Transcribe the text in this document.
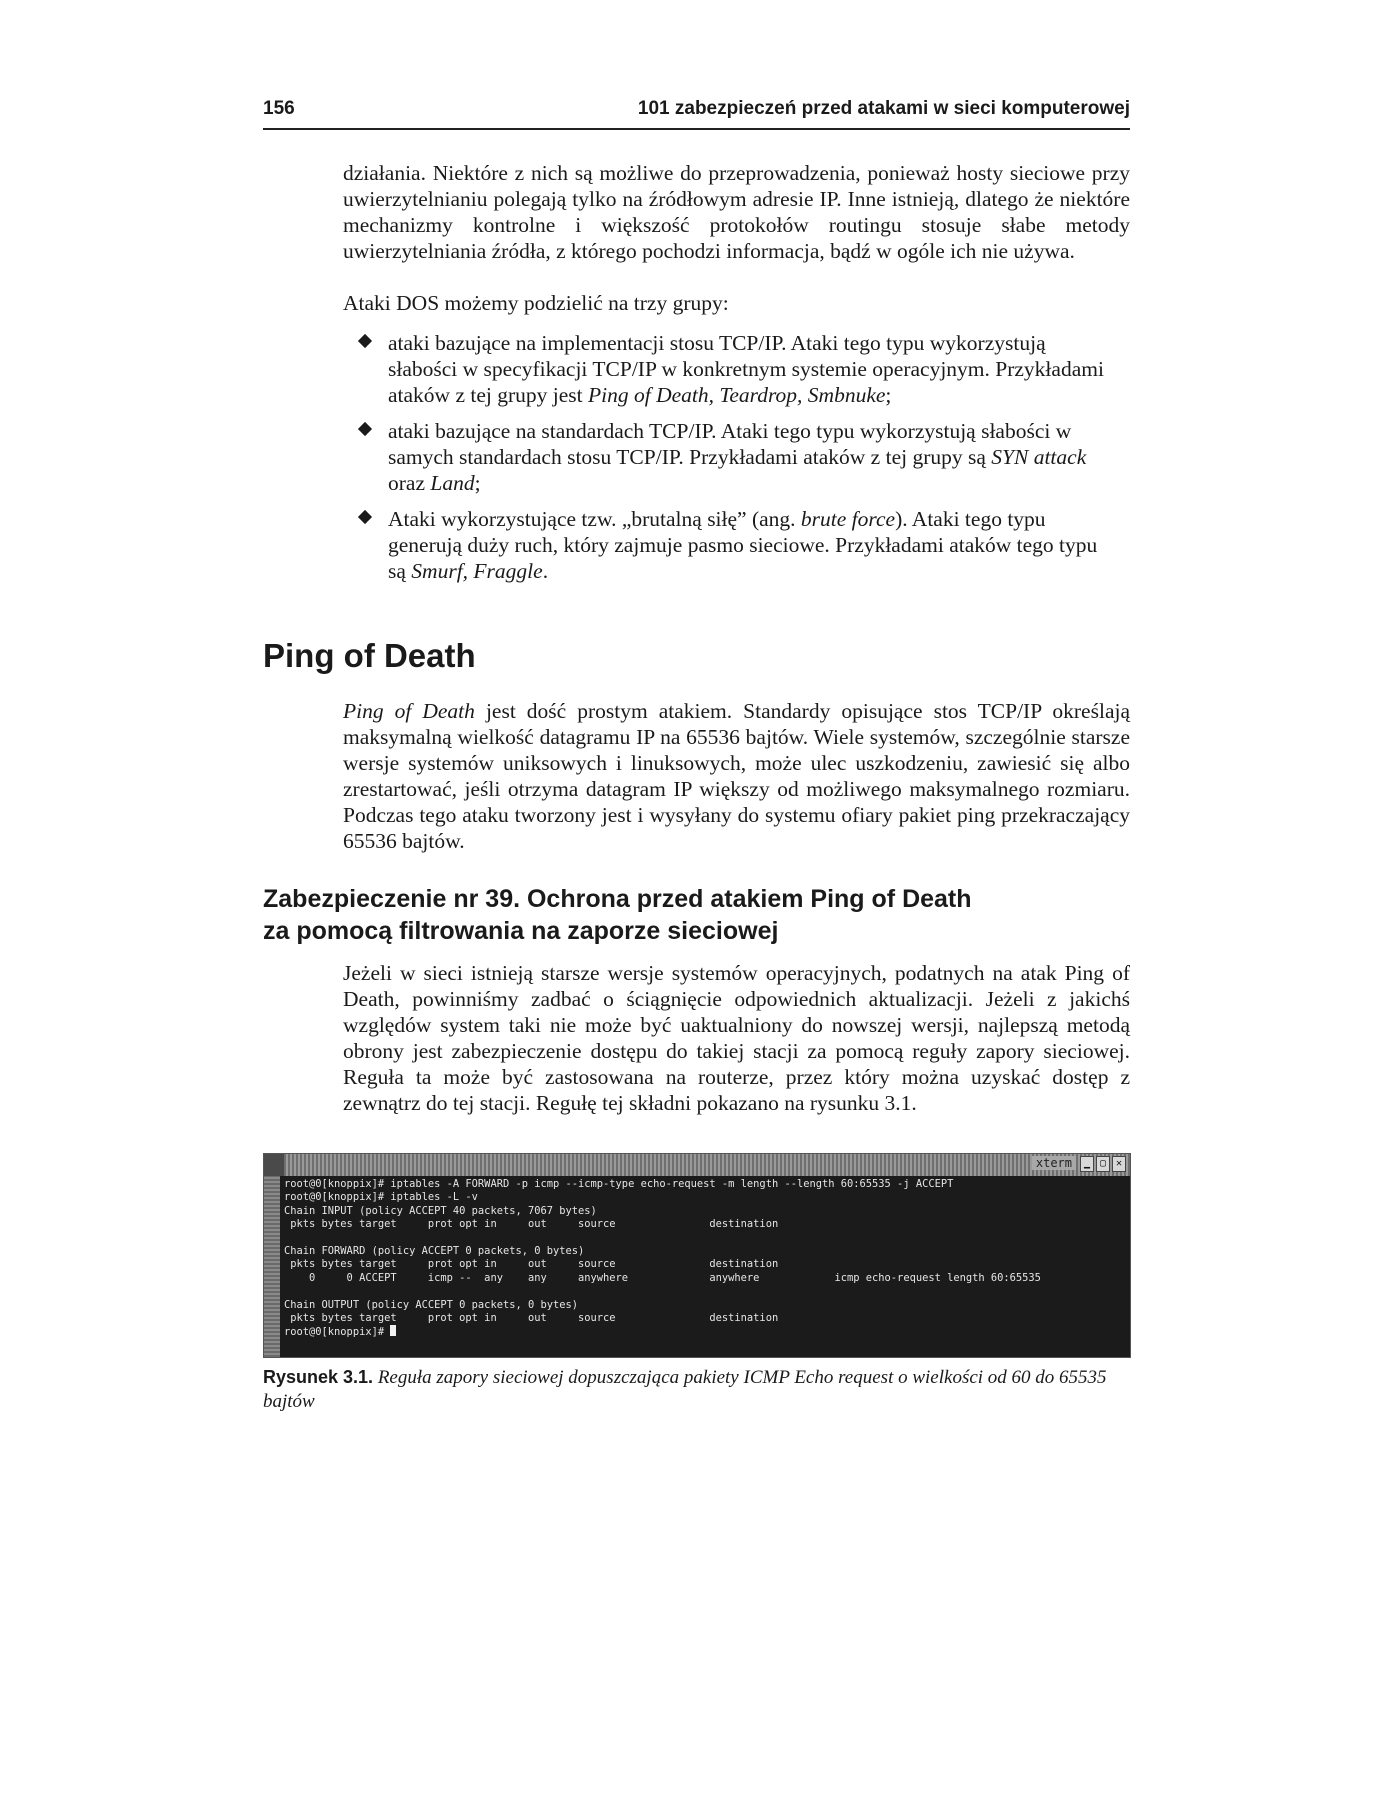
156	101 zabezpieczeń przed atakami w sieci komputerowej

działania. Niektóre z nich są możliwe do przeprowadzenia, ponieważ hosty sieciowe przy uwierzytelnianiu polegają tylko na źródłowym adresie IP. Inne istnieją, dlatego że niektóre mechanizmy kontrolne i większość protokołów routingu stosuje słabe metody uwierzytelniania źródła, z którego pochodzi informacja, bądź w ogóle ich nie używa.

Ataki DOS możemy podzielić na trzy grupy:

ataki bazujące na implementacji stosu TCP/IP. Ataki tego typu wykorzystują słabości w specyfikacji TCP/IP w konkretnym systemie operacyjnym. Przykładami ataków z tej grupy jest Ping of Death, Teardrop, Smbnuke;
ataki bazujące na standardach TCP/IP. Ataki tego typu wykorzystują słabości w samych standardach stosu TCP/IP. Przykładami ataków z tej grupy są SYN attack oraz Land;
Ataki wykorzystujące tzw. „brutalną siłę” (ang. brute force). Ataki tego typu generują duży ruch, który zajmuje pasmo sieciowe. Przykładami ataków tego typu są Smurf, Fraggle.
Ping of Death

Ping of Death jest dość prostym atakiem. Standardy opisujące stos TCP/IP określają maksymalną wielkość datagramu IP na 65536 bajtów. Wiele systemów, szczególnie starsze wersje systemów uniksowych i linuksowych, może ulec uszkodzeniu, zawiesić się albo zrestartować, jeśli otrzyma datagram IP większy od możliwego maksymalnego rozmiaru. Podczas tego ataku tworzony jest i wysyłany do systemu ofiary pakiet ping przekraczający 65536 bajtów.

Zabezpieczenie nr 39. Ochrona przed atakiem Ping of Death
za pomocą filtrowania na zaporze sieciowej

Jeżeli w sieci istnieją starsze wersje systemów operacyjnych, podatnych na atak Ping of Death, powinniśmy zadbać o ściągnięcie odpowiednich aktualizacji. Jeżeli z jakichś względów system taki nie może być uaktualniony do nowszej wersji, najlepszą metodą obrony jest zabezpieczenie dostępu do takiej stacji za pomocą reguły zapory sieciowej. Reguła ta może być zastosowana na routerze, przez który można uzyskać dostęp z zewnątrz do tej stacji. Regułę tej składni pokazano na rysunku 3.1.

xterm	▁ ▢ ✕
root@0[knoppix]# iptables -A FORWARD -p icmp --icmp-type echo-request -m length --length 60:65535 -j ACCEPT
root@0[knoppix]# iptables -L -v
Chain INPUT (policy ACCEPT 40 packets, 7067 bytes)
pkts bytes target     prot opt in     out     source               destination

Chain FORWARD (policy ACCEPT 0 packets, 0 bytes)
pkts bytes target     prot opt in     out     source               destination
0     0 ACCEPT     icmp --  any    any     anywhere             anywhere            icmp echo-request length 60:65535

Chain OUTPUT (policy ACCEPT 0 packets, 0 bytes)
pkts bytes target     prot opt in     out     source               destination
root@0[knoppix]#
Rysunek 3.1. Reguła zapory sieciowej dopuszczająca pakiety ICMP Echo request o wielkości od 60 do 65535 bajtów
